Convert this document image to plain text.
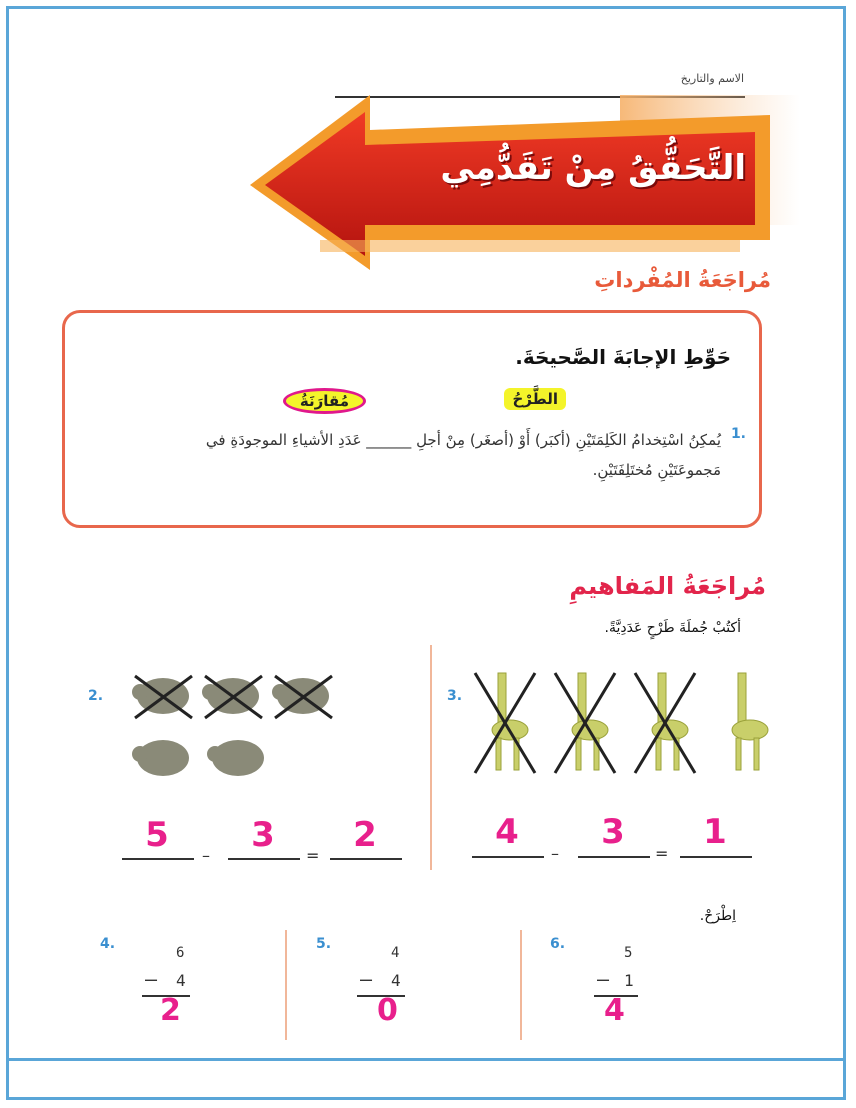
الاسم والتاريخ
التَّحَقُّقُ مِنْ تَقَدُّمِي
مُراجَعَةُ المُفْرداتِ
حَوِّطِ الإجابَةَ الصَّحيحَةَ.
الطَّرْحُ
مُقارَنَةُ
1.
يُمكِنُ اسْتِخدامُ الكَلِمَتَيْنِ (أكبَر) أَوْ (أصغَر) مِنْ أجلِ ______ عَدَدِ الأشياءِ الموجودَةِ في مَجموعَتَيْنِ مُختَلِفَتَيْنِ.
مُراجَعَةُ المَفاهيمِ
أكتُبْ جُملَةَ طَرْحٍ عَدَدِيَّةً.
2.
5
–
3
=
2
3.
4
–
3
=
1
اِطْرَحْ.
4.
6
– 4
2
5.
4
– 4
0
6.
5
– 1
4
